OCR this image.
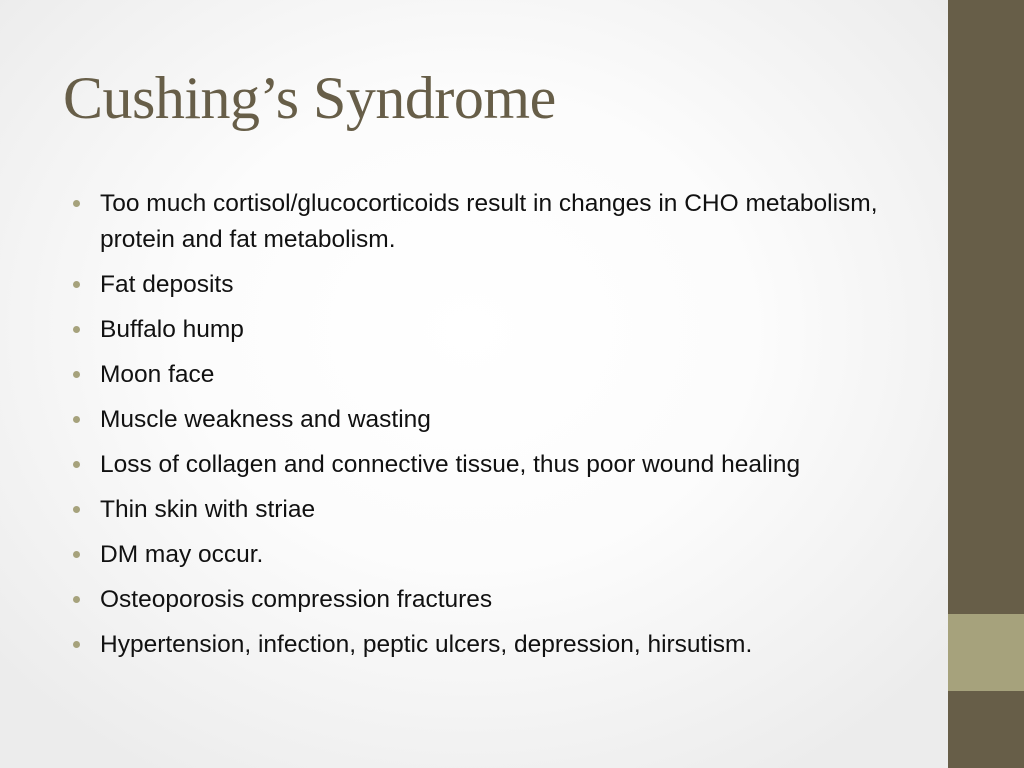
Cushing’s Syndrome
Too much cortisol/glucocorticoids result in changes in CHO metabolism, protein and fat metabolism.
Fat deposits
Buffalo hump
Moon face
Muscle weakness and wasting
Loss of collagen and connective tissue, thus poor wound healing
Thin skin with striae
DM may occur.
Osteoporosis compression fractures
Hypertension, infection, peptic ulcers, depression, hirsutism.
